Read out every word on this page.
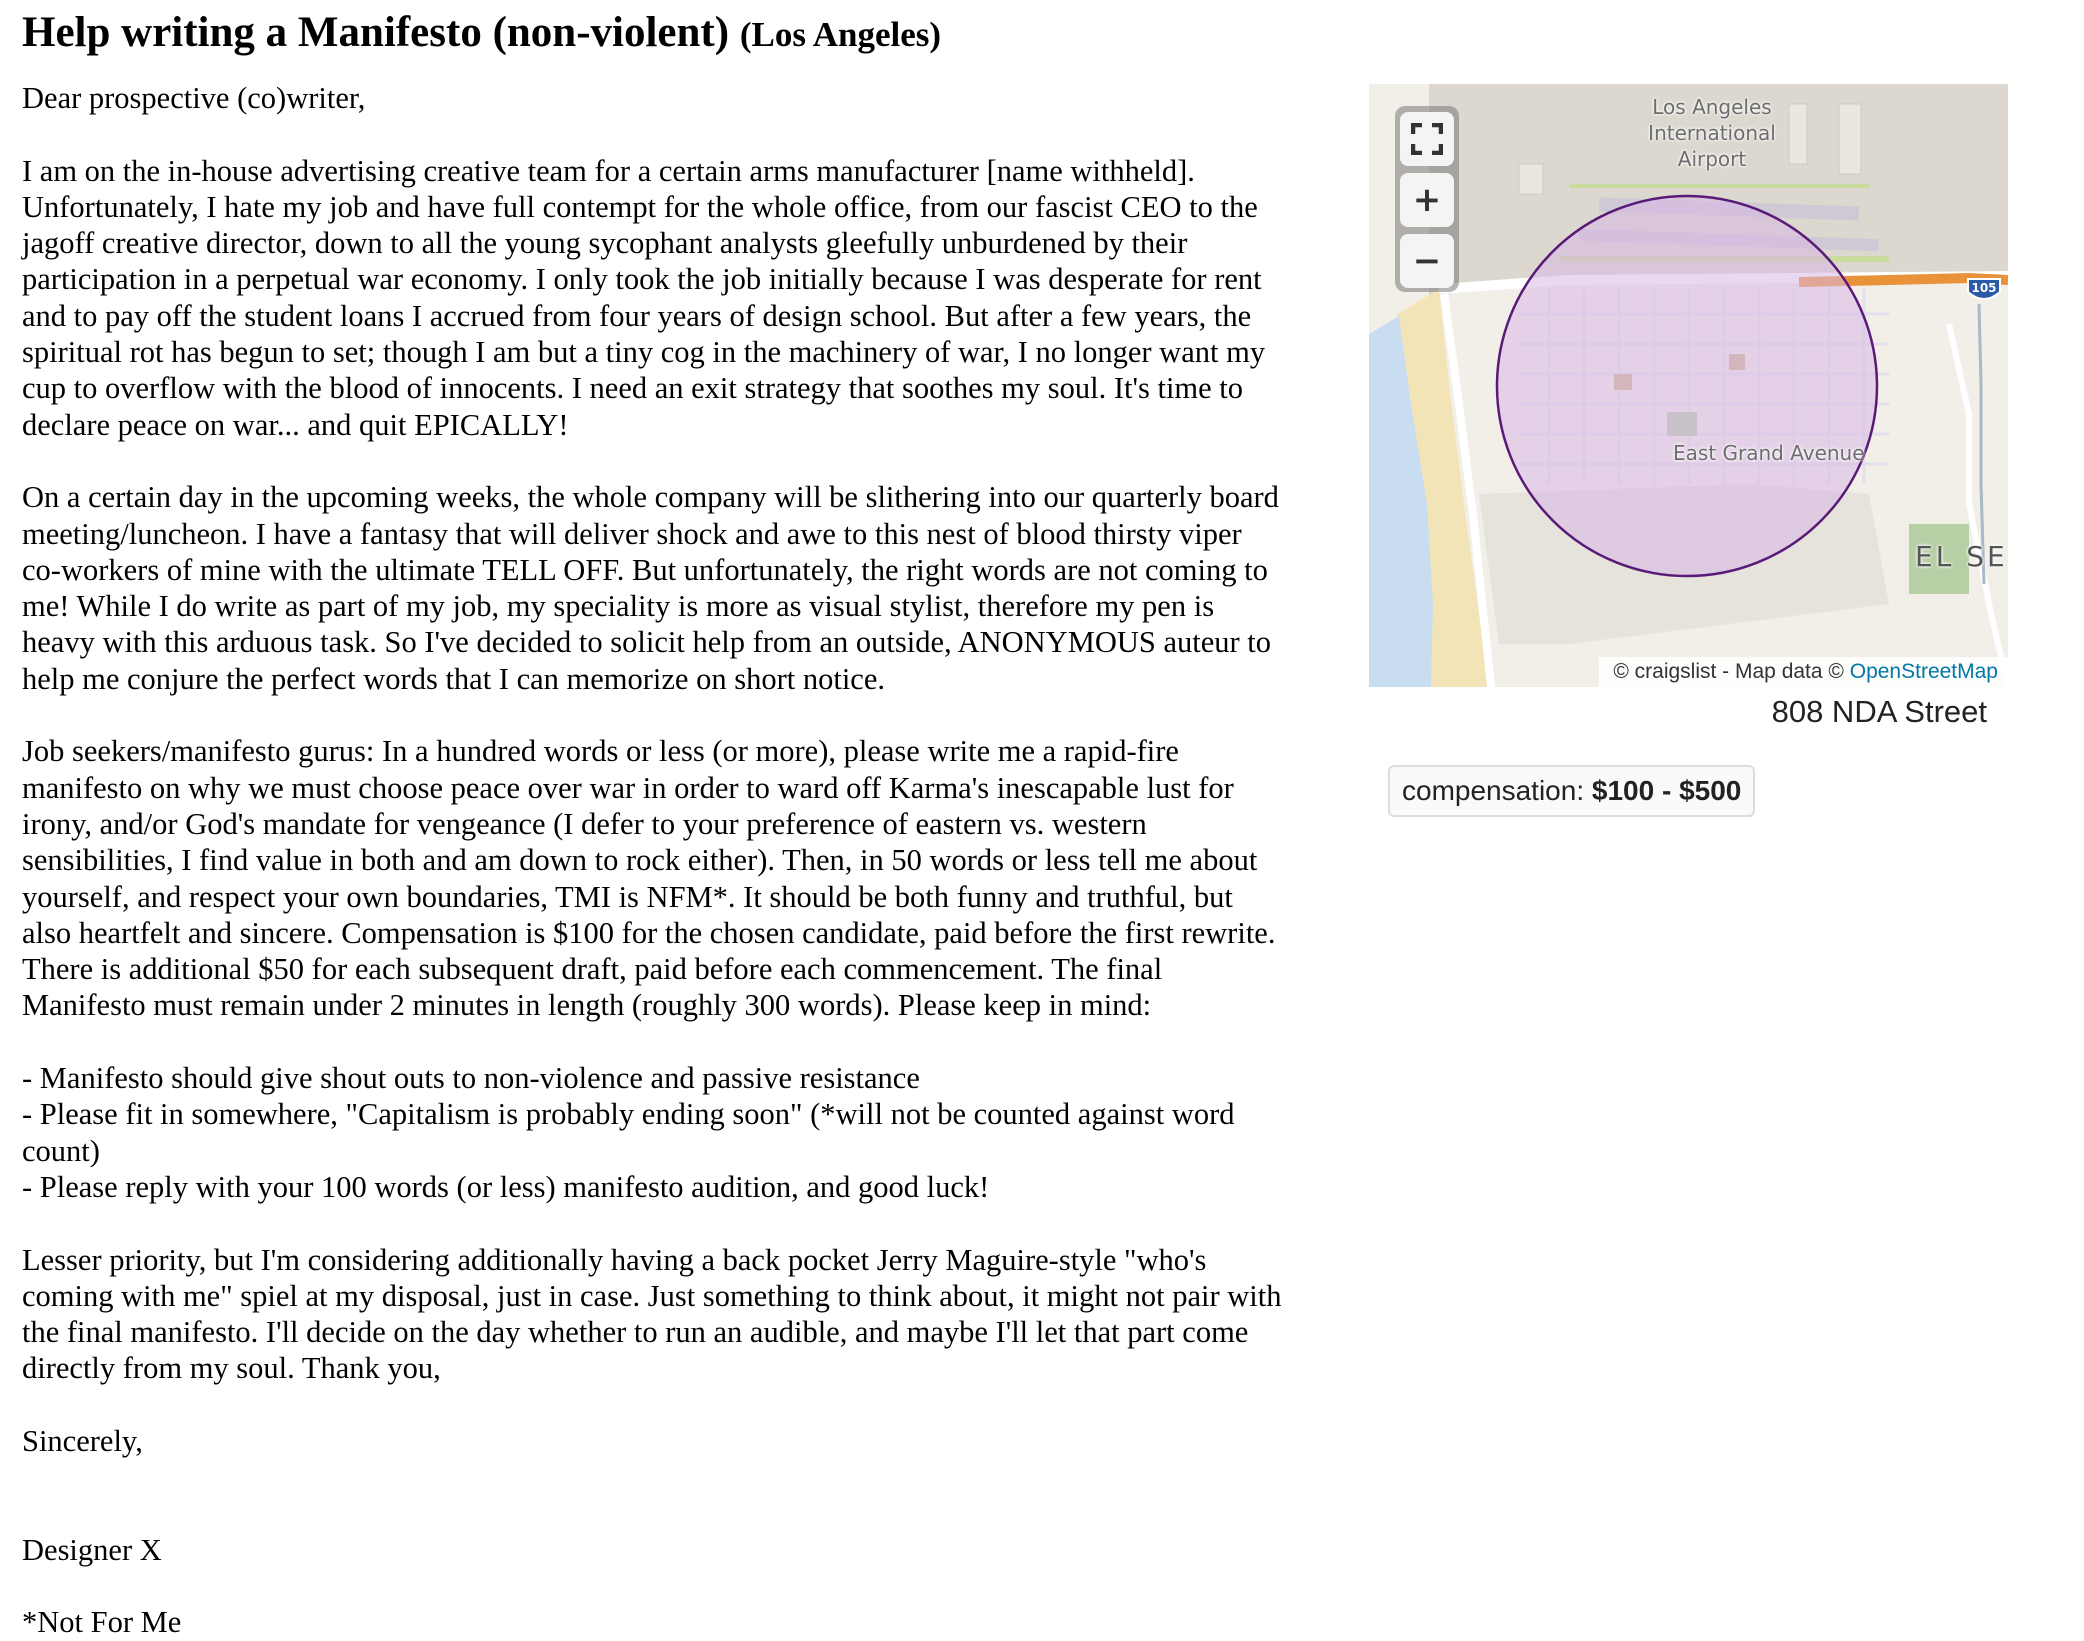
Help writing a Manifesto (non-violent) (Los Angeles)

Dear prospective (co)writer,

I am on the in-house advertising creative team for a certain arms manufacturer [name withheld].
Unfortunately, I hate my job and have full contempt for the whole office, from our fascist CEO to the
jagoff creative director, down to all the young sycophant analysts gleefully unburdened by their
participation in a perpetual war economy. I only took the job initially because I was desperate for rent
and to pay off the student loans I accrued from four years of design school. But after a few years, the
spiritual rot has begun to set; though I am but a tiny cog in the machinery of war, I no longer want my
cup to overflow with the blood of innocents. I need an exit strategy that soothes my soul. It's time to
declare peace on war... and quit EPICALLY!

On a certain day in the upcoming weeks, the whole company will be slithering into our quarterly board
meeting/luncheon. I have a fantasy that will deliver shock and awe to this nest of blood thirsty viper
co-workers of mine with the ultimate TELL OFF. But unfortunately, the right words are not coming to
me! While I do write as part of my job, my speciality is more as visual stylist, therefore my pen is
heavy with this arduous task. So I've decided to solicit help from an outside, ANONYMOUS auteur to
help me conjure the perfect words that I can memorize on short notice.

Job seekers/manifesto gurus: In a hundred words or less (or more), please write me a rapid-fire
manifesto on why we must choose peace over war in order to ward off Karma's inescapable lust for
irony, and/or God's mandate for vengeance (I defer to your preference of eastern vs. western
sensibilities, I find value in both and am down to rock either). Then, in 50 words or less tell me about
yourself, and respect your own boundaries, TMI is NFM*. It should be both funny and truthful, but
also heartfelt and sincere. Compensation is $100 for the chosen candidate, paid before the first rewrite.
There is additional $50 for each subsequent draft, paid before each commencement. The final
Manifesto must remain under 2 minutes in length (roughly 300 words). Please keep in mind:

- Manifesto should give shout outs to non-violence and passive resistance
- Please fit in somewhere, "Capitalism is probably ending soon" (*will not be counted against word
count)
- Please reply with your 100 words (or less) manifesto audition, and good luck!

Lesser priority, but I'm considering additionally having a back pocket Jerry Maguire-style "who's
coming with me" spiel at my disposal, just in case. Just something to think about, it might not pair with
the final manifesto. I'll decide on the day whether to run an audible, and maybe I'll let that part come
directly from my soul. Thank you,

Sincerely,

Designer X

*Not For Me

Los Angeles
International
Airport
East Grand Avenue
EL SE
105
+
−
© craigslist - Map data © OpenStreetMap
808 NDA Street
compensation: $100 - $500
